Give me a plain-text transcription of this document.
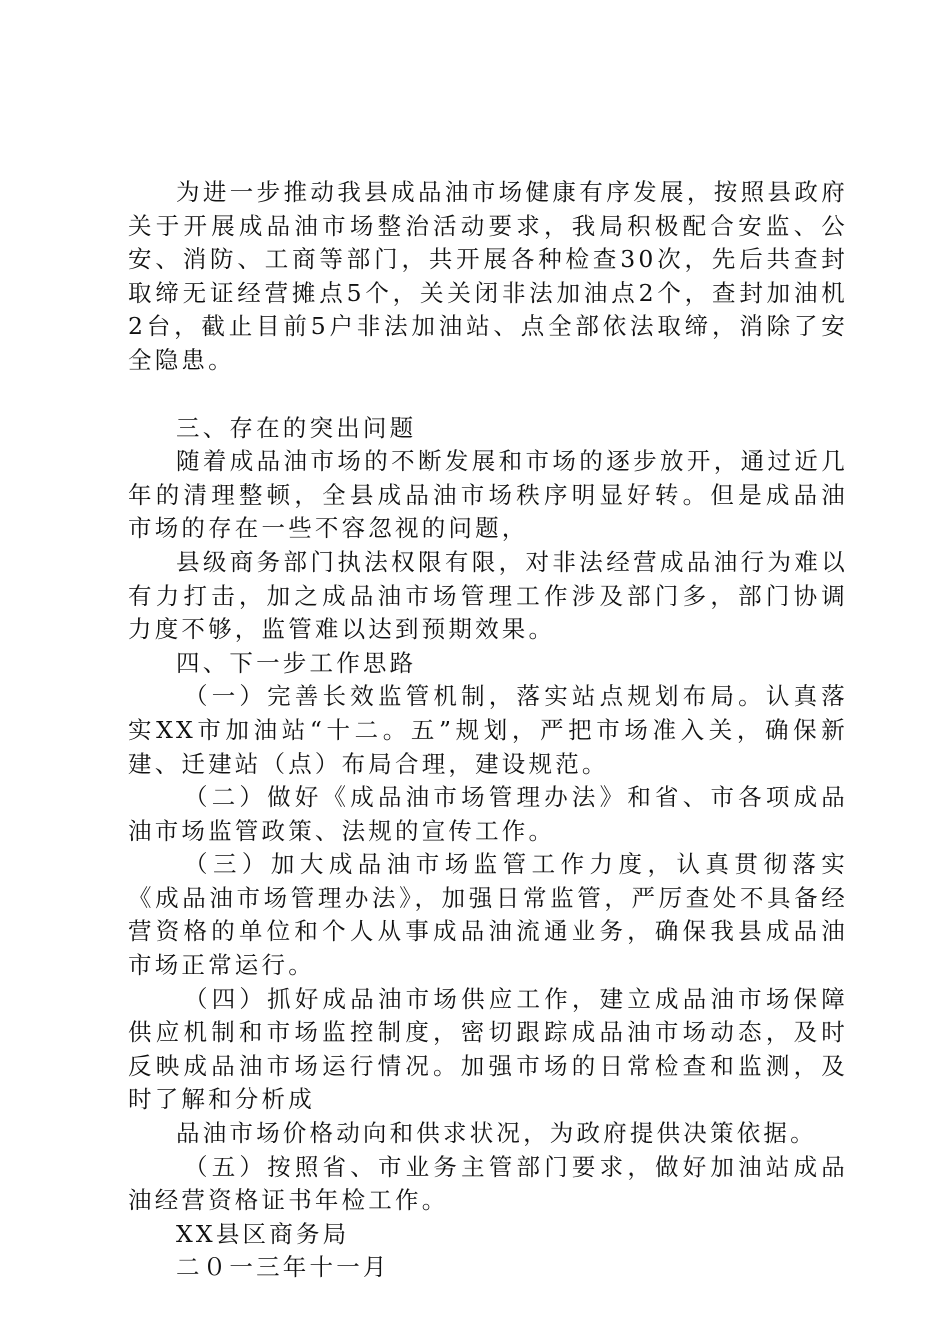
为进一步推动我县成品油市场健康有序发展，按照县政府关于开展成品油市场整治活动要求，我局积极配合安监、公安、消防、工商等部门，共开展各种检查30次，先后共查封取缔无证经营摊点5个，关关闭非法加油点2个，查封加油机2台，截止目前5户非法加油站、点全部依法取缔，消除了安全隐患。

三、存在的突出问题

随着成品油市场的不断发展和市场的逐步放开，通过近几年的清理整顿，全县成品油市场秩序明显好转。但是成品油市场的存在一些不容忽视的问题，

县级商务部门执法权限有限，对非法经营成品油行为难以有力打击，加之成品油市场管理工作涉及部门多，部门协调力度不够，监管难以达到预期效果。

四、下一步工作思路

（一）完善长效监管机制，落实站点规划布局。认真落实XX市加油站“十二。五”规划，严把市场准入关，确保新建、迁建站（点）布局合理，建设规范。

（二）做好《成品油市场管理办法》和省、市各项成品油市场监管政策、法规的宣传工作。

（三）加大成品油市场监管工作力度，认真贯彻落实《成品油市场管理办法》，加强日常监管，严厉查处不具备经营资格的单位和个人从事成品油流通业务，确保我县成品油市场正常运行。

（四）抓好成品油市场供应工作，建立成品油市场保障供应机制和市场监控制度，密切跟踪成品油市场动态，及时反映成品油市场运行情况。加强市场的日常检查和监测，及时了解和分析成

品油市场价格动向和供求状况，为政府提供决策依据。

（五）按照省、市业务主管部门要求，做好加油站成品油经营资格证书年检工作。

XX县区商务局

二０一三年十一月
